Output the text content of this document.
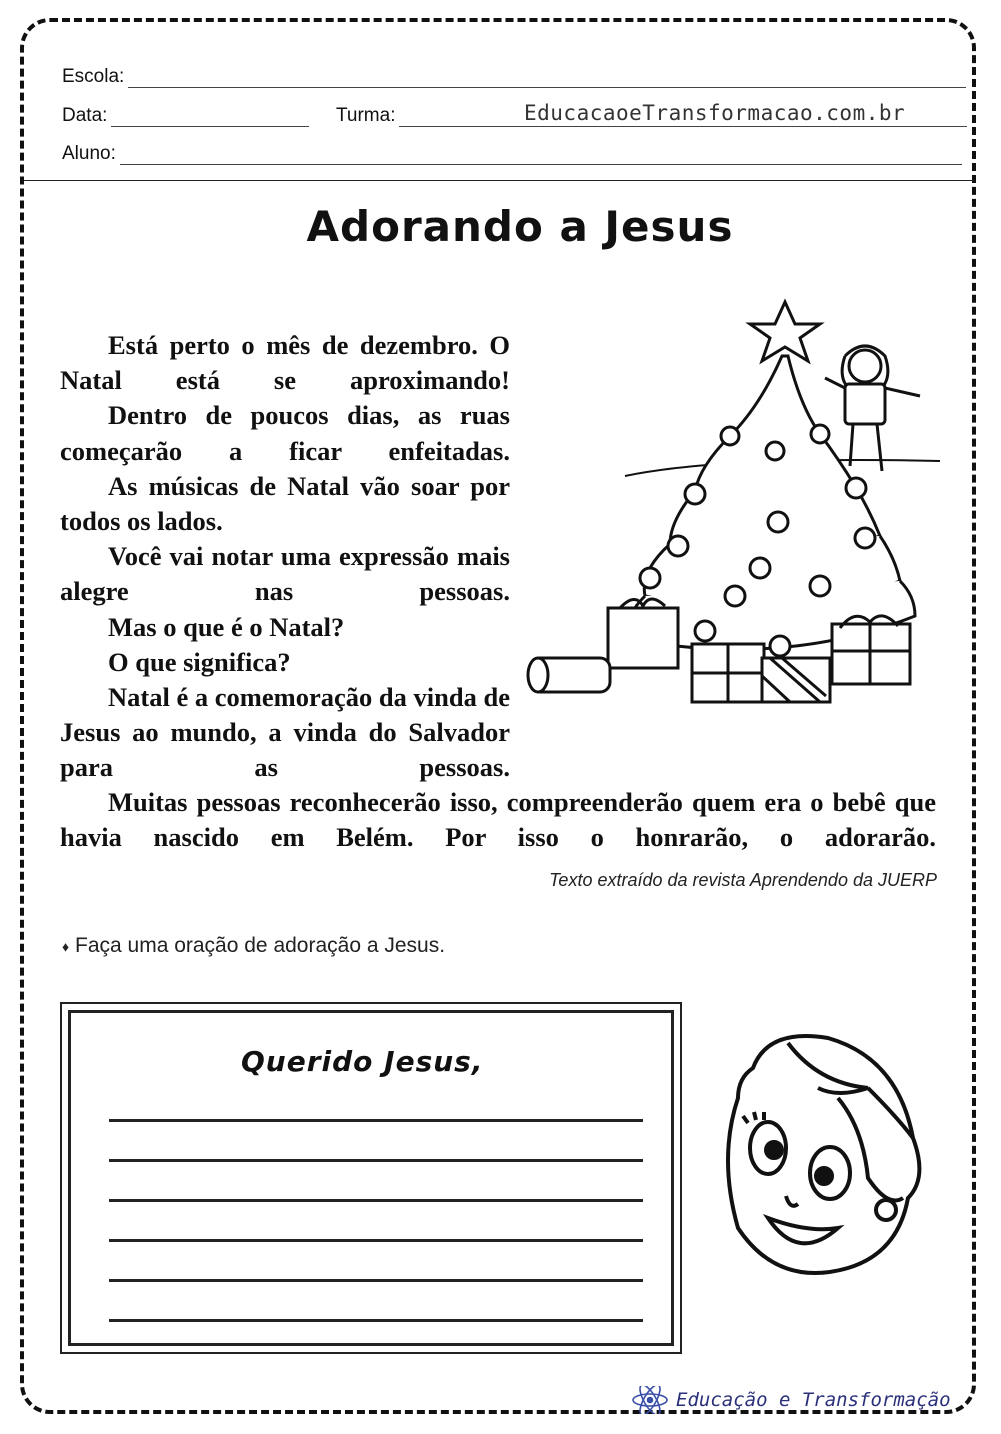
Escola:
Data:	Turma:	EducacaoeTransformacao.com.br
Aluno:
Adorando a Jesus

Está perto o mês de dezembro. O Natal está se aproximando!

Dentro de poucos dias, as ruas começarão a ficar enfeitadas.

As músicas de Natal vão soar por todos os lados.

Você vai notar uma expressão mais alegre nas pessoas.

Mas o que é o Natal?

O que significa?

Natal é a comemoração da vinda de Jesus ao mundo, a vinda do Salvador para as pessoas.

Muitas pessoas reconhecerão isso, compreenderão quem era o bebê que havia nascido em Belém. Por isso o honrarão, o adorarão.

Texto extraído da revista Aprendendo da JUERP
♦ Faça uma oração de adoração a Jesus.
Querido Jesus,
Educação e Transformação
